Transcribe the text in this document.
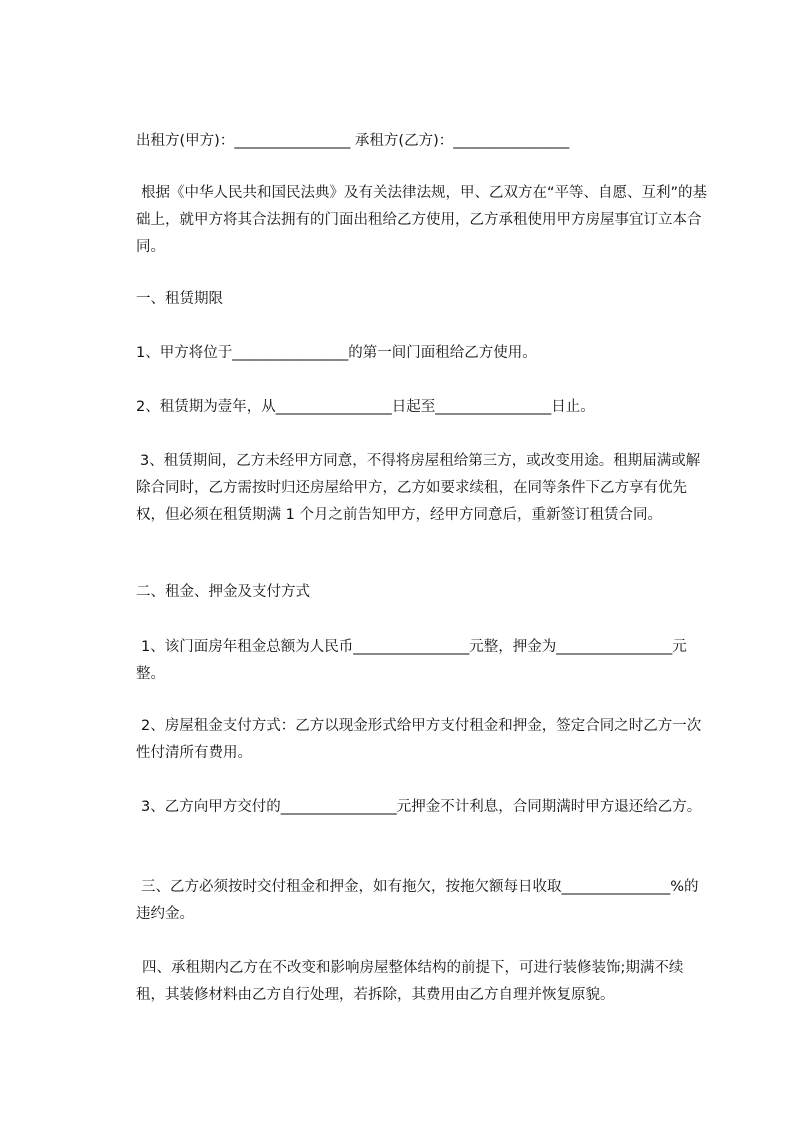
出租方(甲方)：________________ 承租方(乙方)：________________

根据《中华人民共和国民法典》及有关法律法规，甲、乙双方在“平等、自愿、互利”的基础上，就甲方将其合法拥有的门面出租给乙方使用，乙方承租使用甲方房屋事宜订立本合同。

一、租赁期限

1、甲方将位于________________的第一间门面租给乙方使用。

2、租赁期为壹年，从________________日起至________________日止。

3、租赁期间，乙方未经甲方同意，不得将房屋租给第三方，或改变用途。租期届满或解除合同时，乙方需按时归还房屋给甲方，乙方如要求续租，在同等条件下乙方享有优先权，但必须在租赁期满 1 个月之前告知甲方，经甲方同意后，重新签订租赁合同。

二、租金、押金及支付方式

1、该门面房年租金总额为人民币________________元整，押金为________________元整。

2、房屋租金支付方式：乙方以现金形式给甲方支付租金和押金，签定合同之时乙方一次性付清所有费用。

3、乙方向甲方交付的________________元押金不计利息，合同期满时甲方退还给乙方。

三、乙方必须按时交付租金和押金，如有拖欠，按拖欠额每日收取_______________%的违约金。

四、承租期内乙方在不改变和影响房屋整体结构的前提下，可进行装修装饰;期满不续租，其装修材料由乙方自行处理，若拆除，其费用由乙方自理并恢复原貌。
